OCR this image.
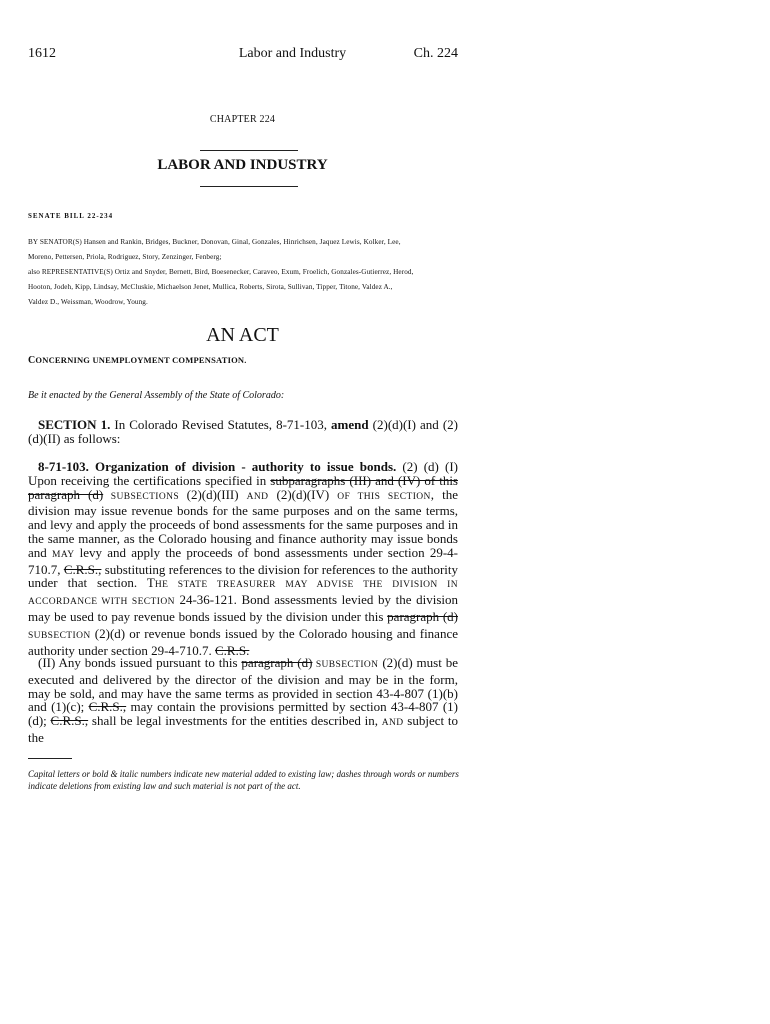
1612	Labor and Industry	Ch. 224
CHAPTER 224
LABOR AND INDUSTRY
SENATE BILL 22-234
BY SENATOR(S) Hansen and Rankin, Bridges, Buckner, Donovan, Ginal, Gonzales, Hinrichsen, Jaquez Lewis, Kolker, Lee,
Moreno, Pettersen, Priola, Rodriguez, Story, Zenzinger, Fenberg;
also REPRESENTATIVE(S) Ortiz and Snyder, Bernett, Bird, Boesenecker, Caraveo, Exum, Froelich, Gonzales-Gutierrez, Herod,
Hooton, Jodeh, Kipp, Lindsay, McCluskie, Michaelson Jenet, Mullica, Roberts, Sirota, Sullivan, Tipper, Titone, Valdez A.,
Valdez D., Weissman, Woodrow, Young.
AN ACT
CONCERNING UNEMPLOYMENT COMPENSATION.
Be it enacted by the General Assembly of the State of Colorado:
SECTION 1. In Colorado Revised Statutes, 8-71-103, amend (2)(d)(I) and (2)(d)(II) as follows:
8-71-103. Organization of division - authority to issue bonds. (2) (d) (I) Upon receiving the certifications specified in subparagraphs (III) and (IV) of this paragraph (d) SUBSECTIONS (2)(d)(III) AND (2)(d)(IV) OF THIS SECTION, the division may issue revenue bonds for the same purposes and on the same terms, and levy and apply the proceeds of bond assessments for the same purposes and in the same manner, as the Colorado housing and finance authority may issue bonds and MAY levy and apply the proceeds of bond assessments under section 29-4-710.7, C.R.S., substituting references to the division for references to the authority under that section. THE STATE TREASURER MAY ADVISE THE DIVISION IN ACCORDANCE WITH SECTION 24-36-121. Bond assessments levied by the division may be used to pay revenue bonds issued by the division under this paragraph (d) SUBSECTION (2)(d) or revenue bonds issued by the Colorado housing and finance authority under section 29-4-710.7. C.R.S.
(II) Any bonds issued pursuant to this paragraph (d) SUBSECTION (2)(d) must be executed and delivered by the director of the division and may be in the form, may be sold, and may have the same terms as provided in section 43-4-807 (1)(b) and (1)(c); C.R.S., may contain the provisions permitted by section 43-4-807 (1)(d); C.R.S., shall be legal investments for the entities described in, AND subject to the
Capital letters or bold & italic numbers indicate new material added to existing law; dashes through words or numbers indicate deletions from existing law and such material is not part of the act.
